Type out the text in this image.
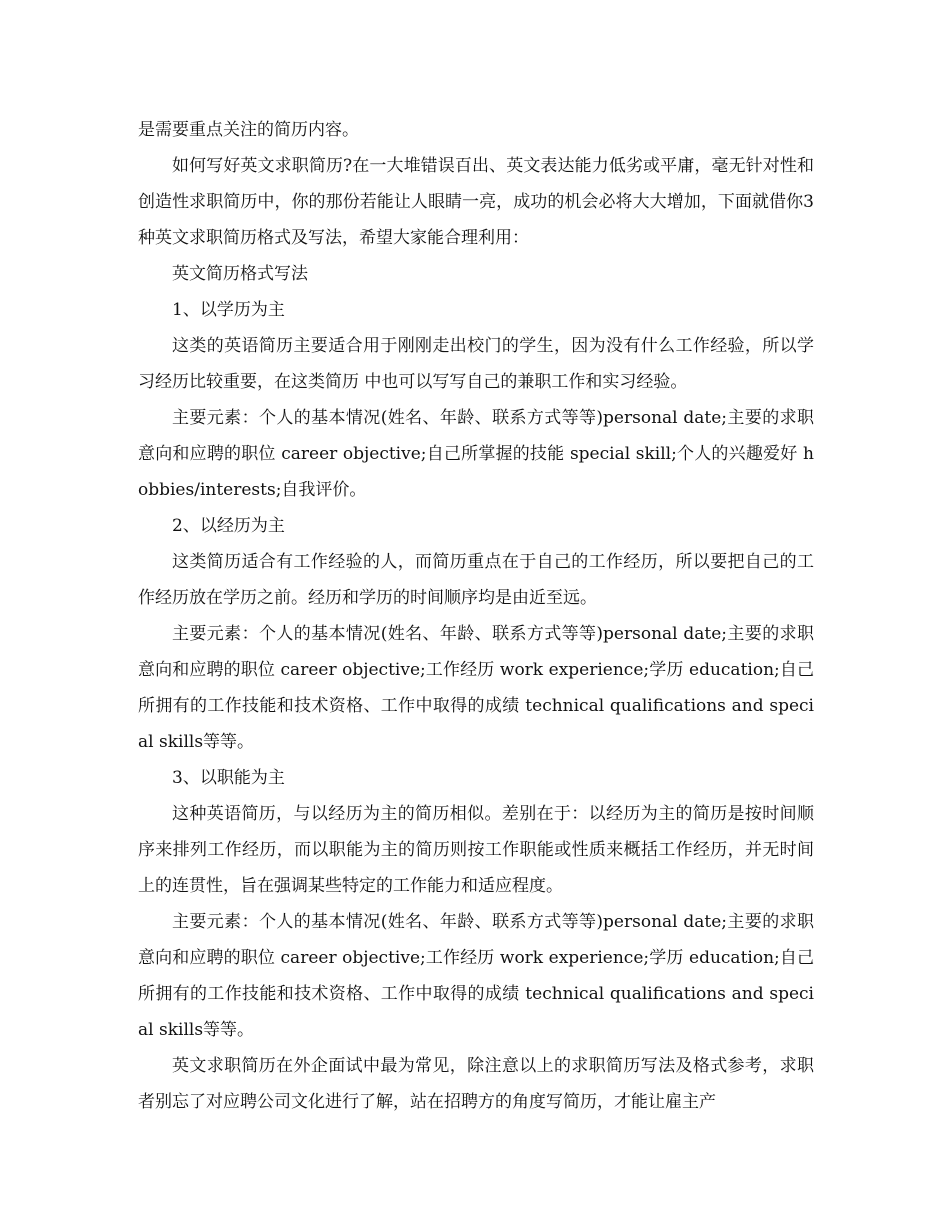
是需要重点关注的简历内容。

如何写好英文求职简历?在一大堆错误百出、英文表达能力低劣或平庸，毫无针对性和创造性求职简历中，你的那份若能让人眼睛一亮，成功的机会必将大大增加，下面就借你3种英文求职简历格式及写法，希望大家能合理利用：

英文简历格式写法

1、以学历为主

这类的英语简历主要适合用于刚刚走出校门的学生，因为没有什么工作经验，所以学习经历比较重要，在这类简历 中也可以写写自己的兼职工作和实习经验。

主要元素：个人的基本情况(姓名、年龄、联系方式等等)personal date;主要的求职意向和应聘的职位 career objective;自己所掌握的技能 special skill;个人的兴趣爱好 hobbies/interests;自我评价。

2、以经历为主

这类简历适合有工作经验的人，而简历重点在于自己的工作经历，所以要把自己的工作经历放在学历之前。经历和学历的时间顺序均是由近至远。

主要元素：个人的基本情况(姓名、年龄、联系方式等等)personal date;主要的求职意向和应聘的职位 career objective;工作经历 work experience;学历 education;自己所拥有的工作技能和技术资格、工作中取得的成绩 technical qualifications and special skills等等。

3、以职能为主

这种英语简历，与以经历为主的简历相似。差别在于：以经历为主的简历是按时间顺序来排列工作经历，而以职能为主的简历则按工作职能或性质来概括工作经历，并无时间上的连贯性，旨在强调某些特定的工作能力和适应程度。

主要元素：个人的基本情况(姓名、年龄、联系方式等等)personal date;主要的求职意向和应聘的职位 career objective;工作经历 work experience;学历 education;自己所拥有的工作技能和技术资格、工作中取得的成绩 technical qualifications and special skills等等。

英文求职简历在外企面试中最为常见，除注意以上的求职简历写法及格式参考，求职者别忘了对应聘公司文化进行了解，站在招聘方的角度写简历，才能让雇主产
